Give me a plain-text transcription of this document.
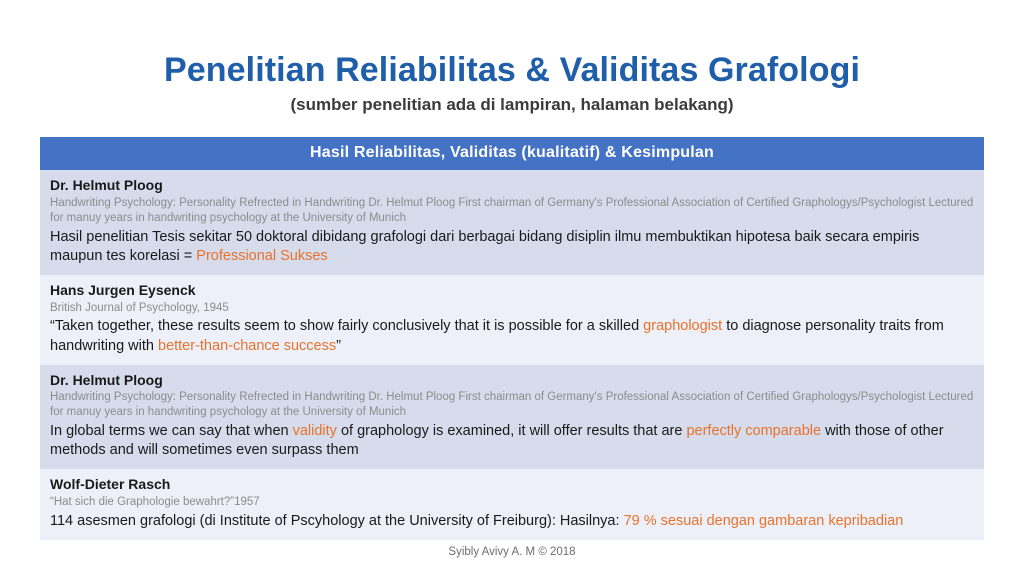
Penelitian Reliabilitas & Validitas Grafologi

(sumber penelitian ada di lampiran, halaman belakang)

Hasil Reliabilitas, Validitas (kualitatif) & Kesimpulan

Dr. Helmut Ploog

Handwriting Psychology: Personality Refrected in Handwriting Dr. Helmut Ploog First chairman of Germany's Professional Association of Certified Graphologys/Psychologist Lectured for manuy years in handwriting psychology at the University of Munich

Hasil penelitian Tesis sekitar 50 doktoral dibidang grafologi dari berbagai bidang disiplin ilmu membuktikan hipotesa baik secara empiris maupun tes korelasi = Professional Sukses

Hans Jurgen Eysenck

British Journal of Psychology, 1945

“Taken together, these results seem to show fairly conclusively that it is possible for a skilled graphologist to diagnose personality traits from handwriting with better-than-chance success”

Dr. Helmut Ploog

Handwriting Psychology: Personality Refrected in Handwriting Dr. Helmut Ploog First chairman of Germany's Professional Association of Certified Graphologys/Psychologist Lectured for manuy years in handwriting psychology at the University of Munich

In global terms we can say that when validity of graphology is examined, it will offer results that are perfectly comparable with those of other methods and will sometimes even surpass them

Wolf-Dieter Rasch

“Hat sich die Graphologie bewahrt?”1957

114 asesmen grafologi (di Institute of Pscyhology at the University of Freiburg): Hasilnya: 79 % sesuai dengan gambaran kepribadian

Syibly Avivy A. M © 2018
